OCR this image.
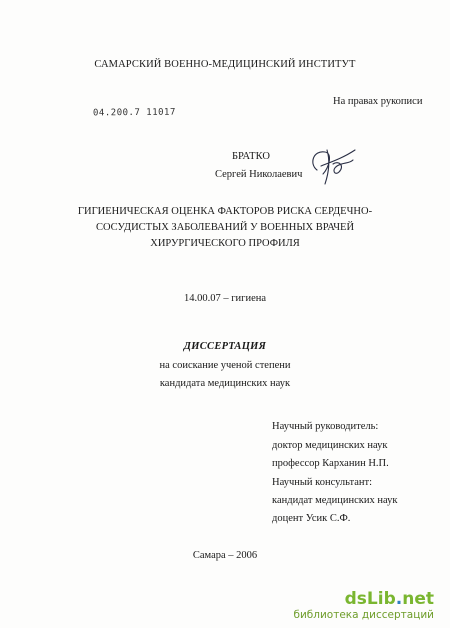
САМАРСКИЙ ВОЕННО-МЕДИЦИНСКИЙ ИНСТИТУТ
04.200.7 11017
На правах рукописи
БРАТКО
Сергей Николаевич
ГИГИЕНИЧЕСКАЯ ОЦЕНКА ФАКТОРОВ РИСКА СЕРДЕЧНО-
СОСУДИСТЫХ ЗАБОЛЕВАНИЙ У ВОЕННЫХ ВРАЧЕЙ
ХИРУРГИЧЕСКОГО ПРОФИЛЯ
14.00.07 – гигиена
ДИССЕРТАЦИЯ
на соискание ученой степени
кандидата медицинских наук
Научный руководитель:
доктор медицинских наук
профессор Карханин Н.П.
Научный консультант:
кандидат медицинских наук
доцент Усик С.Ф.
Самара – 2006
dsLib.net
библиотека диссертаций
